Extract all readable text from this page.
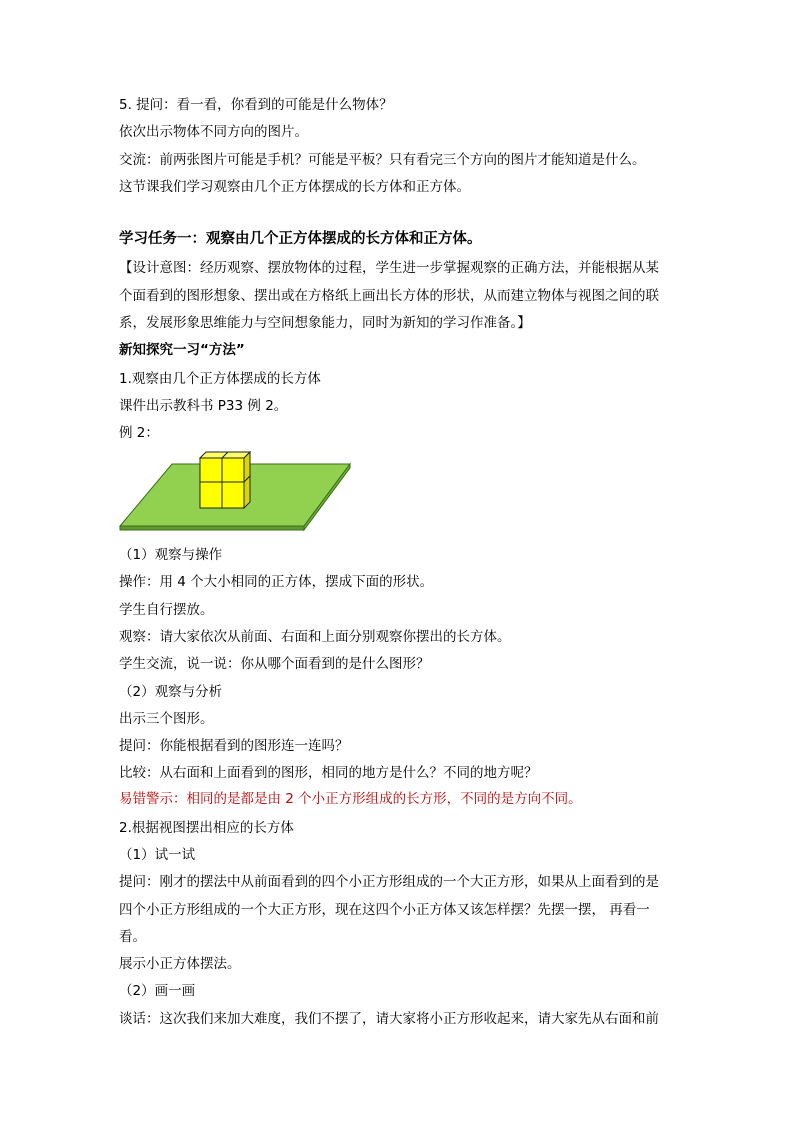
5. 提问：看一看，你看到的可能是什么物体？
依次出示物体不同方向的图片。
交流：前两张图片可能是手机？可能是平板？只有看完三个方向的图片才能知道是什么。
这节课我们学习观察由几个正方体摆成的长方体和正方体。
学习任务一：观察由几个正方体摆成的长方体和正方体。
【设计意图：经历观察、摆放物体的过程，学生进一步掌握观察的正确方法，并能根据从某
个面看到的图形想象、摆出或在方格纸上画出长方体的形状，从而建立物体与视图之间的联
系，发展形象思维能力与空间想象能力，同时为新知的学习作准备。】
新知探究一习“方法”
1.观察由几个正方体摆成的长方体
课件出示教科书 P33 例 2。
例 2：
（1）观察与操作
操作：用 4 个大小相同的正方体，摆成下面的形状。
学生自行摆放。
观察：请大家依次从前面、右面和上面分别观察你摆出的长方体。
学生交流，说一说：你从哪个面看到的是什么图形？
（2）观察与分析
出示三个图形。
提问：你能根据看到的图形连一连吗？
比较：从右面和上面看到的图形，相同的地方是什么？不同的地方呢？
易错警示：相同的是都是由 2 个小正方形组成的长方形，不同的是方向不同。
2.根据视图摆出相应的长方体
（1）试一试
提问：刚才的摆法中从前面看到的四个小正方形组成的一个大正方形，如果从上面看到的是
四个小正方形组成的一个大正方形，现在这四个小正方体又该怎样摆？先摆一摆， 再看一
看。
展示小正方体摆法。
（2）画一画
谈话：这次我们来加大难度，我们不摆了，请大家将小正方形收起来，请大家先从右面和前
